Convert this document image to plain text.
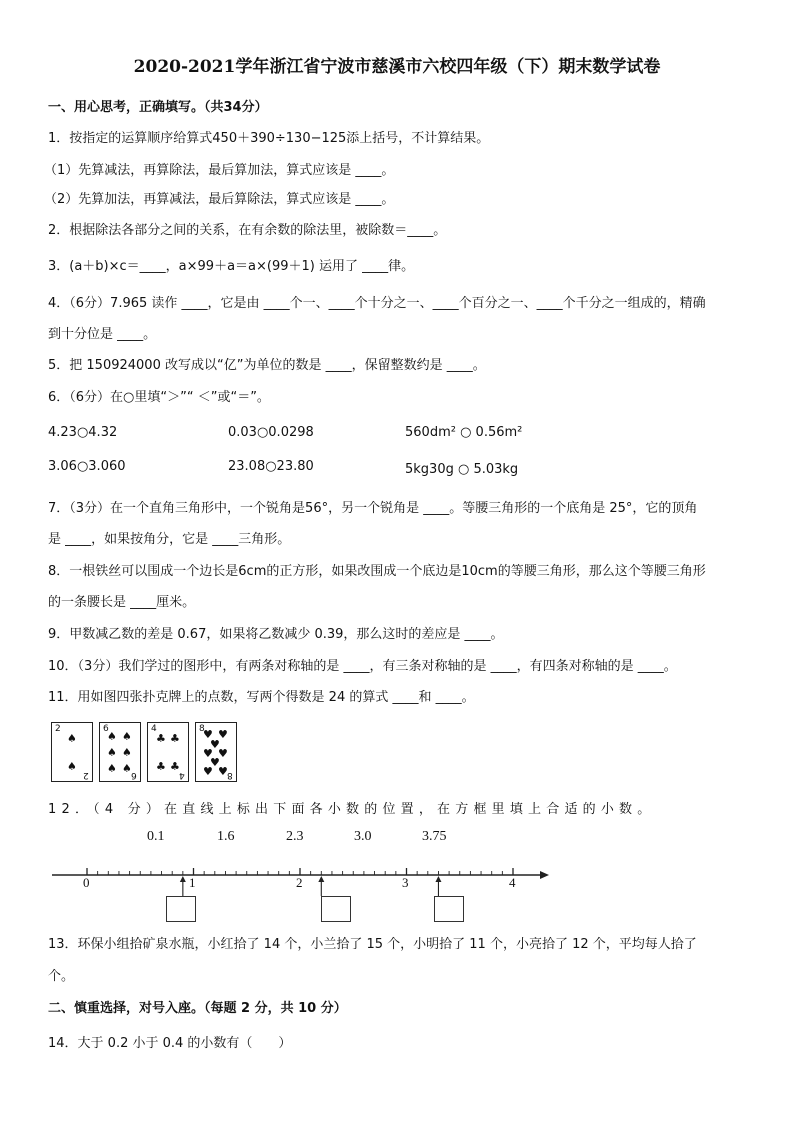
2020-2021学年浙江省宁波市慈溪市六校四年级（下）期末数学试卷
一、用心思考，正确填写。（共34分）
1．按指定的运算顺序给算式450＋390÷130−125添上括号，不计算结果。
（1）先算减法，再算除法，最后算加法，算式应该是 ____。
（2）先算加法，再算减法，最后算除法，算式应该是 ____。
2．根据除法各部分之间的关系，在有余数的除法里，被除数＝____。
3．(a＋b)×c＝____，a×99＋a＝a×(99＋1) 运用了 ____律。
4．（6分）7.965 读作 ____，它是由 ____个一、____个十分之一、____个百分之一、____个千分之一组成的，精确
到十分位是 ____。
5．把 150924000 改写成以“亿”为单位的数是 ____，保留整数约是 ____。
6．（6分）在○里填“＞”“ ＜”或“＝”。
4.23○4.32	0.03○0.0298	560dm² ○ 0.56m²
3.06○3.060	23.08○23.80	5kg30g ○ 5.03kg
7．（3分）在一个直角三角形中，一个锐角是56°，另一个锐角是 ____。等腰三角形的一个底角是 25°，它的顶角
是 ____，如果按角分，它是 ____三角形。
8．一根铁丝可以围成一个边长是6cm的正方形，如果改围成一个底边是10cm的等腰三角形，那么这个等腰三角形
的一条腰长是 ____厘米。
9．甲数减乙数的差是 0.67，如果将乙数减少 0.39，那么这时的差应是 ____。
10．（3分）我们学过的图形中，有两条对称轴的是 ____，有三条对称轴的是 ____，有四条对称轴的是 ____。
11．用如图四张扑克牌上的点数，写两个得数是 24 的算式 ____和 ____。
2
♠
♠
2
6
♠ ♠
♠ ♠
♠ ♠ 6
4
♣ ♣
♣ ♣
4
8
♥ ♥
♥
♥ ♥
♥
♥ ♥ 8
12．（4 分）在直线上标出下面各小数的位置，在方框里填上合适的小数。
0.1	1.6	2.3	3.0	3.75
0	1	2	3	4
13．环保小组拾矿泉水瓶，小红拾了 14 个，小兰拾了 15 个，小明拾了 11 个，小亮拾了 12 个，平均每人拾了
个。
二、慎重选择，对号入座。（每题 2 分，共 10 分）
14．大于 0.2 小于 0.4 的小数有（　　）
